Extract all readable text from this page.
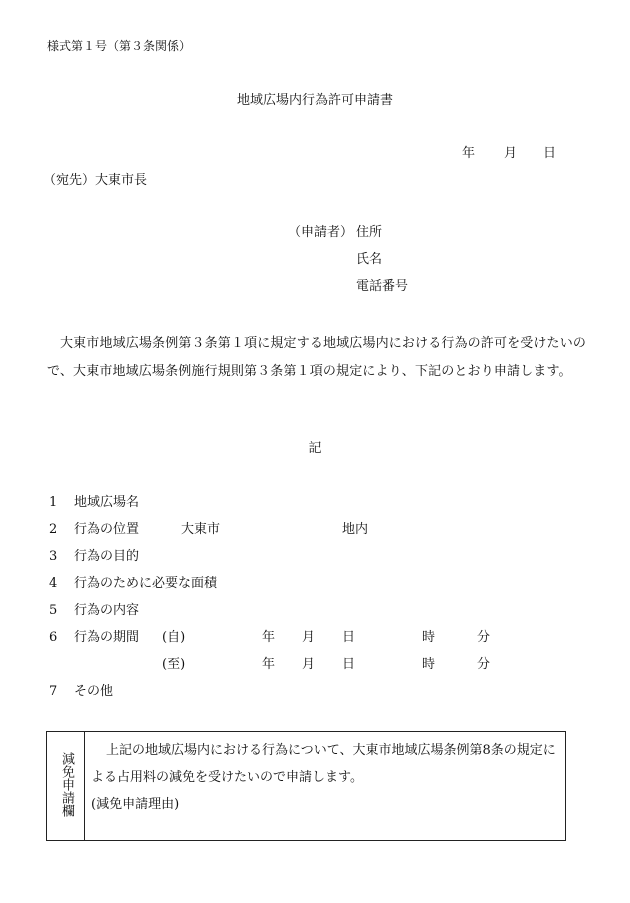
様式第１号（第３条関係）
地域広場内行為許可申請書
年 月 日
（宛先）大東市長
（申請者） 住所
氏名
電話番号
大東市地域広場条例第３条第１項に規定する地域広場内における行為の許可を受けたいので、大東市地域広場条例施行規則第３条第１項の規定により、下記のとおり申請します。
記
1 地域広場名
2 行為の位置	大東市	地内
3 行為の目的
4 行為のために必要な面積
5 行為の内容
6 行為の期間 (自)	年 月 日	時	分
(至)	年 月 日	時	分
7 その他
減免申請欄
上記の地域広場内における行為について、大東市地域広場条例第8条の規定による占用料の減免を受けたいので申請します。
(減免申請理由)
